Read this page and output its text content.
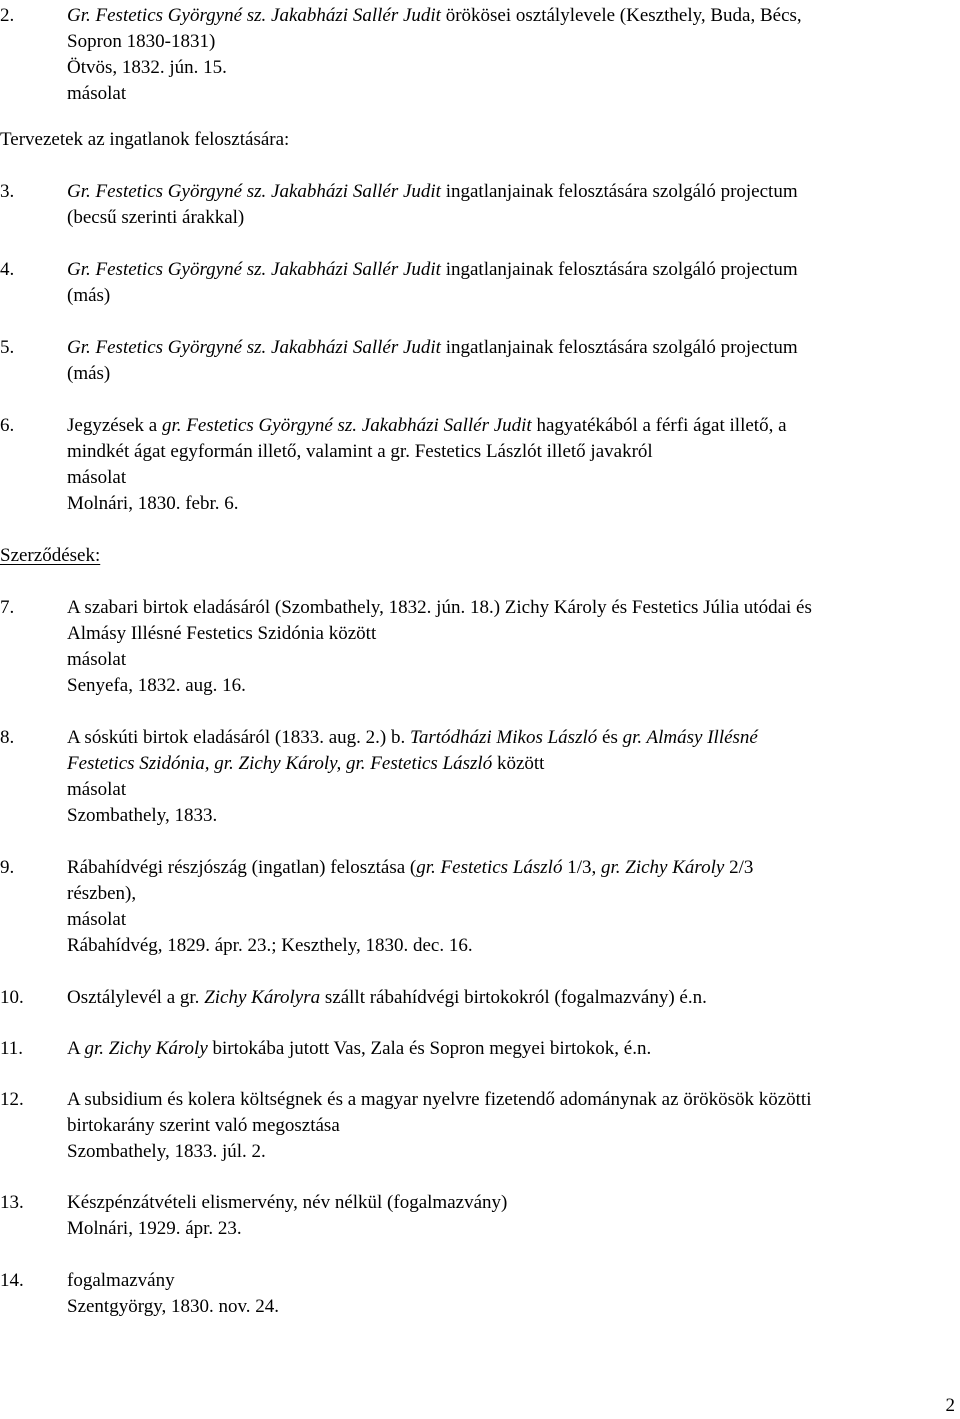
2.	Gr. Festetics Györgyné sz. Jakabházi Sallér Judit örökösei osztálylevele (Keszthely, Buda, Bécs,
Sopron 1830-1831)
Ötvös, 1832. jún. 15.
másolat
Tervezetek az ingatlanok felosztására:
3.	Gr. Festetics Györgyné sz. Jakabházi Sallér Judit ingatlanjainak felosztására szolgáló projectum
(becsű szerinti árakkal)
4.	Gr. Festetics Györgyné sz. Jakabházi Sallér Judit ingatlanjainak felosztására szolgáló projectum
(más)
5.	Gr. Festetics Györgyné sz. Jakabházi Sallér Judit ingatlanjainak felosztására szolgáló projectum
(más)
6.	Jegyzések a gr. Festetics Györgyné sz. Jakabházi Sallér Judit hagyatékából a férfi ágat illető, a
mindkét ágat egyformán illető, valamint a gr. Festetics Lászlót illető javakról
másolat
Molnári, 1830. febr. 6.
Szerződések:
7.	A szabari birtok eladásáról (Szombathely, 1832. jún. 18.) Zichy Károly és Festetics Júlia utódai és
Almásy Illésné Festetics Szidónia között
másolat
Senyefa, 1832. aug. 16.
8.	A sóskúti birtok eladásáról (1833. aug. 2.) b. Tartódházi Mikos László és gr. Almásy Illésné
Festetics Szidónia, gr. Zichy Károly, gr. Festetics László között
másolat
Szombathely, 1833.
9.	Rábahídvégi részjószág (ingatlan) felosztása (gr. Festetics László 1/3, gr. Zichy Károly 2/3
részben),
másolat
Rábahídvég, 1829. ápr. 23.; Keszthely, 1830. dec. 16.
10. Osztálylevél a gr. Zichy Károlyra szállt rábahídvégi birtokokról (fogalmazvány) é.n.
11. A gr. Zichy Károly birtokába jutott Vas, Zala és Sopron megyei birtokok, é.n.
12. A subsidium és kolera költségnek és a magyar nyelvre fizetendő adománynak az örökösök közötti
birtokarány szerint való megosztása
Szombathely, 1833. júl. 2.
13. Készpénzátvételi elismervény, név nélkül (fogalmazvány)
Molnári, 1929. ápr. 23.
14. fogalmazvány
Szentgyörgy, 1830. nov. 24.
2
